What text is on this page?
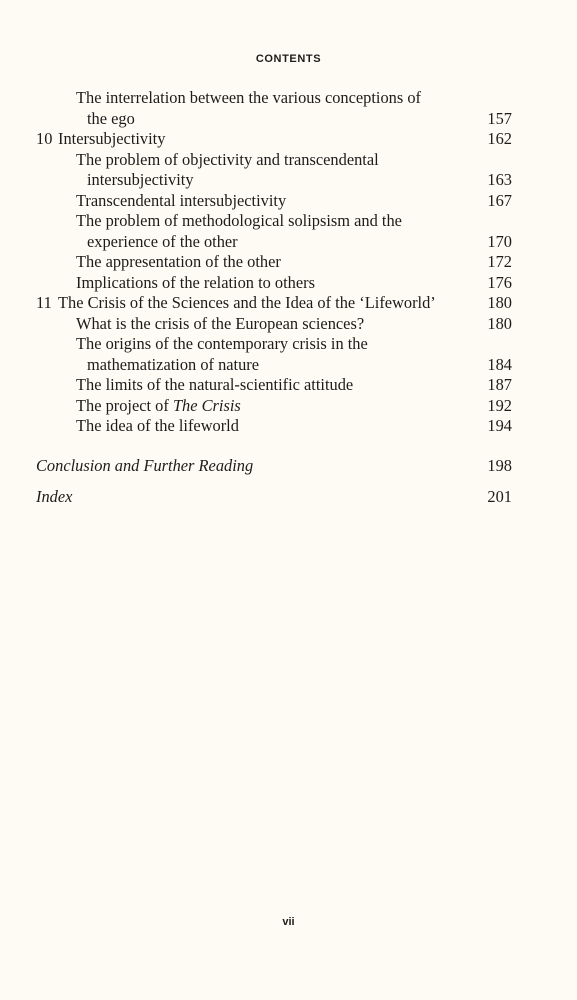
CONTENTS
The interrelation between the various conceptions of
the ego	157
10 Intersubjectivity	162
The problem of objectivity and transcendental
intersubjectivity	163
Transcendental intersubjectivity	167
The problem of methodological solipsism and the
experience of the other	170
The appresentation of the other	172
Implications of the relation to others	176
11 The Crisis of the Sciences and the Idea of the ‘Lifeworld’	180
What is the crisis of the European sciences?	180
The origins of the contemporary crisis in the
mathematization of nature	184
The limits of the natural-scientific attitude	187
The project of The Crisis	192
The idea of the lifeworld	194
Conclusion and Further Reading	198
Index	201
vii
